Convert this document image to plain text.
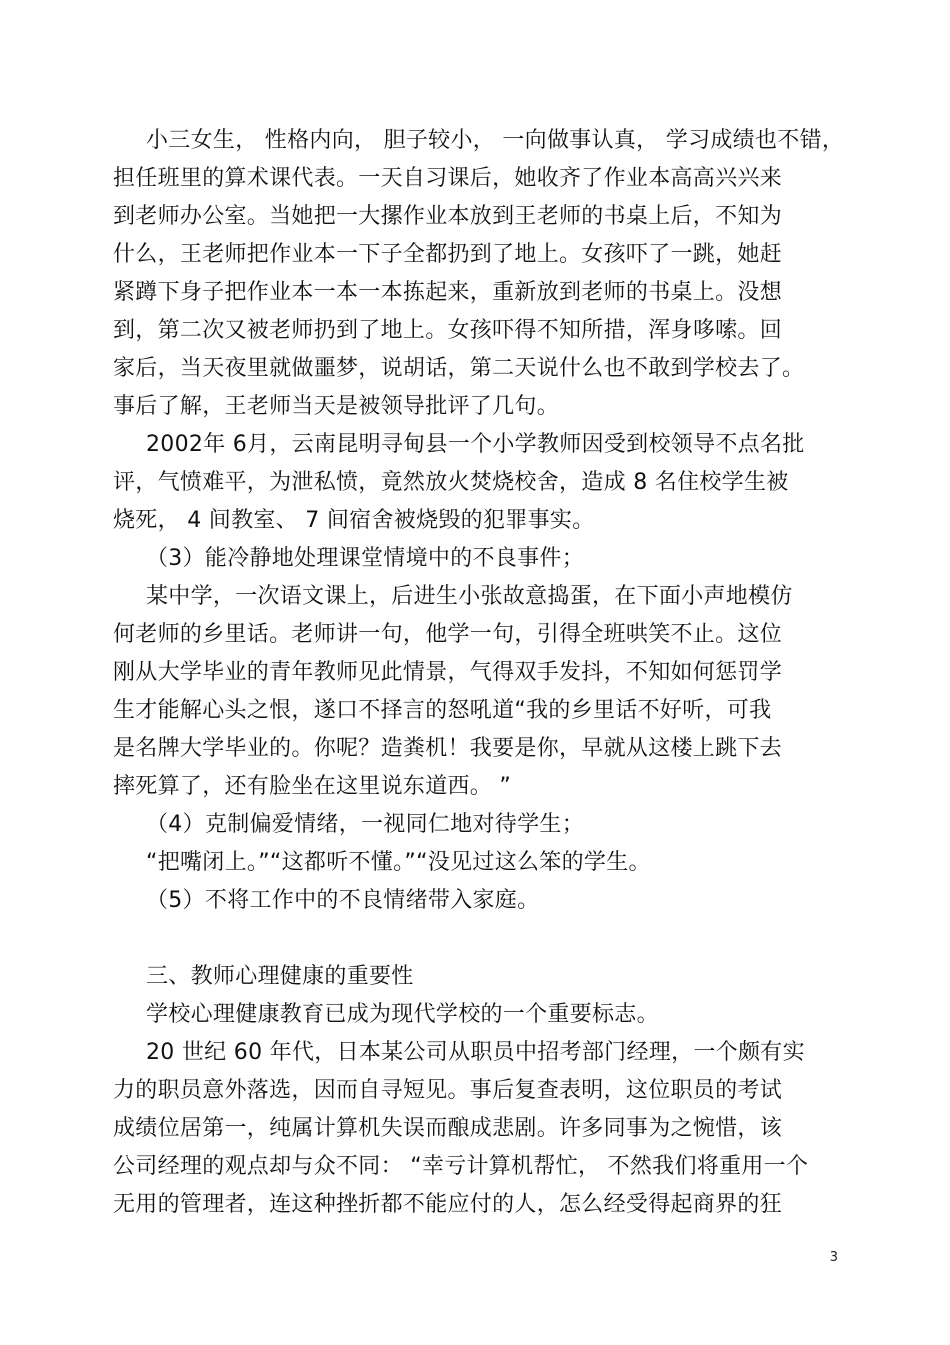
小三女生， 性格内向， 胆子较小， 一向做事认真， 学习成绩也不错，
担任班里的算术课代表。一天自习课后，她收齐了作业本高高兴兴来
到老师办公室。当她把一大摞作业本放到王老师的书桌上后，不知为
什么，王老师把作业本一下子全都扔到了地上。女孩吓了一跳，她赶
紧蹲下身子把作业本一本一本拣起来，重新放到老师的书桌上。没想
到，第二次又被老师扔到了地上。女孩吓得不知所措，浑身哆嗦。回
家后，当天夜里就做噩梦，说胡话，第二天说什么也不敢到学校去了。
事后了解，王老师当天是被领导批评了几句。
2002年 6月，云南昆明寻甸县一个小学教师因受到校领导不点名批
评，气愤难平，为泄私愤，竟然放火焚烧校舍，造成 8 名住校学生被
烧死， 4 间教室、 7 间宿舍被烧毁的犯罪事实。
（3）能冷静地处理课堂情境中的不良事件；
某中学，一次语文课上，后进生小张故意捣蛋，在下面小声地模仿
何老师的乡里话。老师讲一句，他学一句，引得全班哄笑不止。这位
刚从大学毕业的青年教师见此情景，气得双手发抖，不知如何惩罚学
生才能解心头之恨，遂口不择言的怒吼道“我的乡里话不好听，可我
是名牌大学毕业的。你呢？造粪机！我要是你，早就从这楼上跳下去
摔死算了，还有脸坐在这里说东道西。 ”
（4）克制偏爱情绪，一视同仁地对待学生；
“把嘴闭上。”“这都听不懂。”“没见过这么笨的学生。
（5）不将工作中的不良情绪带入家庭。
三、教师心理健康的重要性
学校心理健康教育已成为现代学校的一个重要标志。
20 世纪 60 年代，日本某公司从职员中招考部门经理，一个颇有实
力的职员意外落选，因而自寻短见。事后复查表明，这位职员的考试
成绩位居第一，纯属计算机失误而酿成悲剧。许多同事为之惋惜，该
公司经理的观点却与众不同： “幸亏计算机帮忙， 不然我们将重用一个
无用的管理者，连这种挫折都不能应付的人，怎么经受得起商界的狂
3
